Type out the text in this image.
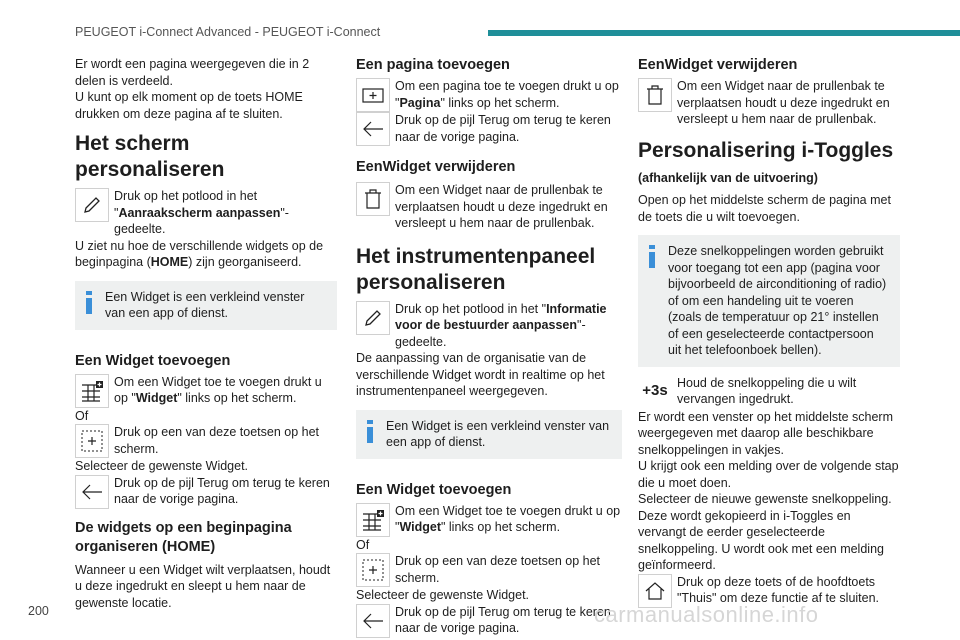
PEUGEOT i-Connect Advanced - PEUGEOT i-Connect

Er wordt een pagina weergegeven die in 2 delen is verdeeld.
U kunt op elk moment op de toets HOME drukken om deze pagina af te sluiten.

Het scherm personaliseren
Druk op het potlood in het "Aanraakscherm aanpassen"-gedeelte.

U ziet nu hoe de verschillende widgets op de beginpagina (HOME) zijn georganiseerd.

Een Widget is een verkleind venster van een app of dienst.
Een Widget toevoegen
Om een Widget toe te voegen drukt u op "Widget" links op het scherm.

Of

Druk op een van deze toetsen op het scherm.

Selecteer de gewenste Widget.

Druk op de pijl Terug om terug te keren naar de vorige pagina.
De widgets op een beginpagina organiseren (HOME)

Wanneer u een Widget wilt verplaatsen, houdt u deze ingedrukt en sleept u hem naar de gewenste locatie.

Een pagina toevoegen
Om een pagina toe te voegen drukt u op "Pagina" links op het scherm.
Druk op de pijl Terug om terug te keren naar de vorige pagina.
EenWidget verwijderen
Om een Widget naar de prullenbak te verplaatsen houdt u deze ingedrukt en versleept u hem naar de prullenbak.
Het instrumentenpaneel personaliseren
Druk op het potlood in het "Informatie voor de bestuurder aanpassen"-gedeelte.

De aanpassing van de organisatie van de verschillende Widget wordt in realtime op het instrumentenpaneel weergegeven.

Een Widget is een verkleind venster van een app of dienst.
Een Widget toevoegen
Om een Widget toe te voegen drukt u op "Widget" links op het scherm.

Of

Druk op een van deze toetsen op het scherm.

Selecteer de gewenste Widget.

Druk op de pijl Terug om terug te keren naar de vorige pagina.
EenWidget verwijderen
Om een Widget naar de prullenbak te verplaatsen houdt u deze ingedrukt en versleept u hem naar de prullenbak.
Personalisering i-Toggles

(afhankelijk van de uitvoering)

Open op het middelste scherm de pagina met de toets die u wilt toevoegen.

Deze snelkoppelingen worden gebruikt voor toegang tot een app (pagina voor bijvoorbeeld de airconditioning of radio) of om een handeling uit te voeren (zoals de temperatuur op 21° instellen of een geselecteerde contactpersoon uit het telefoonboek bellen).
+3s Houd de snelkoppeling die u wilt vervangen ingedrukt.

Er wordt een venster op het middelste scherm weergegeven met daarop alle beschikbare snelkoppelingen in vakjes.

U krijgt ook een melding over de volgende stap die u moet doen.

Selecteer de nieuwe gewenste snelkoppeling. Deze wordt gekopieerd in i-Toggles en vervangt de eerder geselecteerde snelkoppeling. U wordt ook met een melding geïnformeerd.

Druk op deze toets of de hoofdtoets "Thuis" om deze functie af te sluiten.
200	carmanualsonline.info
